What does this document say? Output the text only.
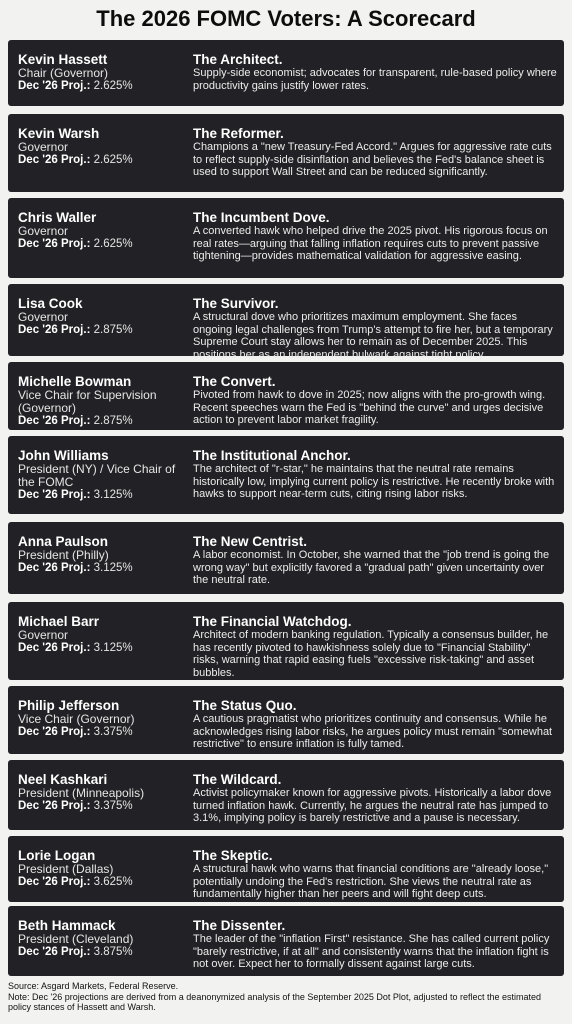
The 2026 FOMC Voters: A Scorecard
Kevin Hassett
Chair (Governor)
Dec '26 Proj.: 2.625%
The Architect.
Supply-side economist; advocates for transparent, rule-based policy where productivity gains justify lower rates.
Kevin Warsh
Governor
Dec '26 Proj.: 2.625%
The Reformer.
Champions a "new Treasury-Fed Accord." Argues for aggressive rate cuts to reflect supply-side disinflation and believes the Fed's balance sheet is used to support Wall Street and can be reduced significantly.
Chris Waller
Governor
Dec '26 Proj.: 2.625%
The Incumbent Dove.
A converted hawk who helped drive the 2025 pivot. His rigorous focus on real rates—arguing that falling inflation requires cuts to prevent passive tightening—provides mathematical validation for aggressive easing.
Lisa Cook
Governor
Dec '26 Proj.: 2.875%
The Survivor.
A structural dove who prioritizes maximum employment. She faces ongoing legal challenges from Trump's attempt to fire her, but a temporary Supreme Court stay allows her to remain as of December 2025. This positions her as an independent bulwark against tight policy.
Michelle Bowman
Vice Chair for Supervision (Governor)
Dec '26 Proj.: 2.875%
The Convert.
Pivoted from hawk to dove in 2025; now aligns with the pro-growth wing. Recent speeches warn the Fed is "behind the curve" and urges decisive action to prevent labor market fragility.
John Williams
President (NY) / Vice Chair of the FOMC
Dec '26 Proj.: 3.125%
The Institutional Anchor.
The architect of "r-star," he maintains that the neutral rate remains historically low, implying current policy is restrictive. He recently broke with hawks to support near-term cuts, citing rising labor risks.
Anna Paulson
President (Philly)
Dec '26 Proj.: 3.125%
The New Centrist.
A labor economist. In October, she warned that the "job trend is going the wrong way" but explicitly favored a "gradual path" given uncertainty over the neutral rate.
Michael Barr
Governor
Dec '26 Proj.: 3.125%
The Financial Watchdog.
Architect of modern banking regulation. Typically a consensus builder, he has recently pivoted to hawkishness solely due to "Financial Stability" risks, warning that rapid easing fuels "excessive risk-taking" and asset bubbles.
Philip Jefferson
Vice Chair (Governor)
Dec '26 Proj.: 3.375%
The Status Quo.
A cautious pragmatist who prioritizes continuity and consensus. While he acknowledges rising labor risks, he argues policy must remain "somewhat restrictive" to ensure inflation is fully tamed.
Neel Kashkari
President (Minneapolis)
Dec '26 Proj.: 3.375%
The Wildcard.
Activist policymaker known for aggressive pivots. Historically a labor dove turned inflation hawk. Currently, he argues the neutral rate has jumped to 3.1%, implying policy is barely restrictive and a pause is necessary.
Lorie Logan
President (Dallas)
Dec '26 Proj.: 3.625%
The Skeptic.
A structural hawk who warns that financial conditions are "already loose," potentially undoing the Fed's restriction. She views the neutral rate as fundamentally higher than her peers and will fight deep cuts.
Beth Hammack
President (Cleveland)
Dec '26 Proj.: 3.875%
The Dissenter.
The leader of the "inflation First" resistance. She has called current policy "barely restrictive, if at all" and consistently warns that the inflation fight is not over. Expect her to formally dissent against large cuts.
Source: Asgard Markets, Federal Reserve.
Note: Dec '26 projections are derived from a deanonymized analysis of the September 2025 Dot Plot, adjusted to reflect the estimated policy stances of Hassett and Warsh.
